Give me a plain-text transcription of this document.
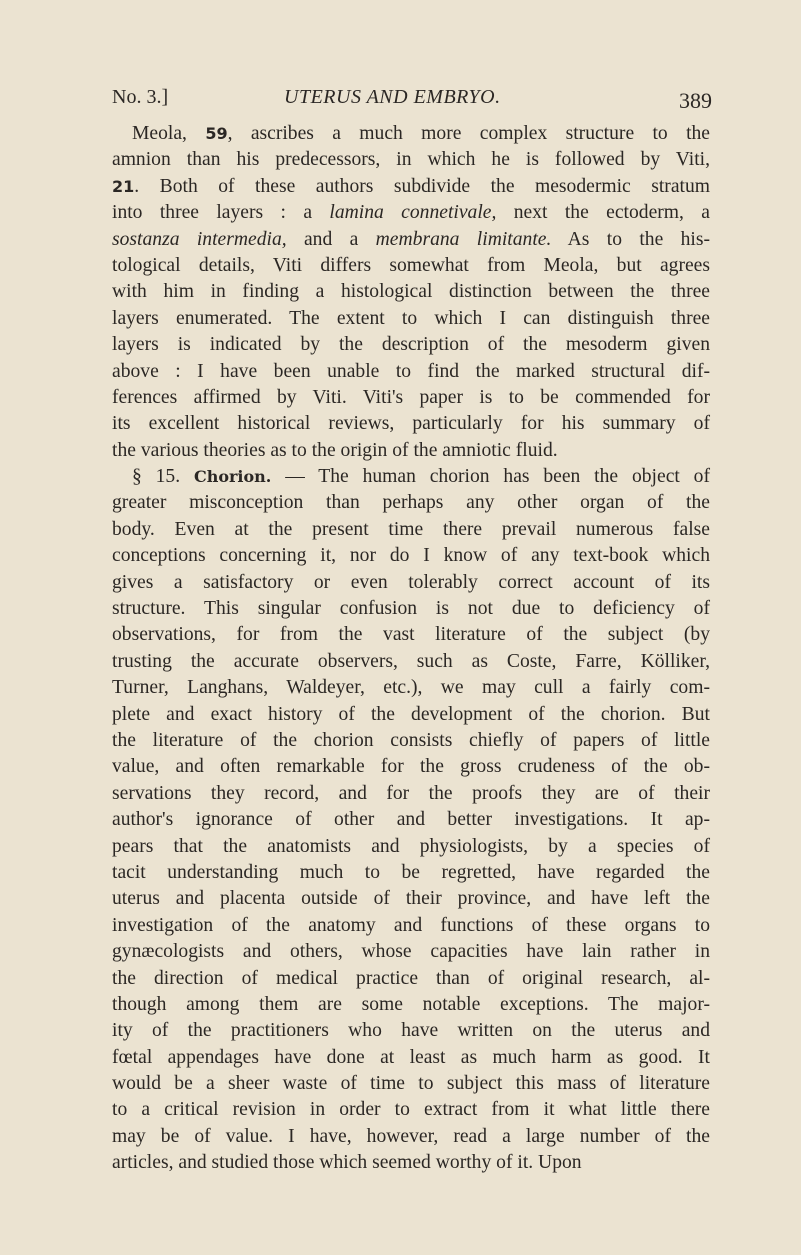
No. 3.]	UTERUS AND EMBRYO.	389
Meola, 59, ascribes a much more complex structure to the
amnion than his predecessors, in which he is followed by Viti,
21. Both of these authors subdivide the mesodermic stratum
into three layers : a lamina connetivale, next the ectoderm, a
sostanza intermedia, and a membrana limitante. As to the his-
tological details, Viti differs somewhat from Meola, but agrees
with him in finding a histological distinction between the three
layers enumerated. The extent to which I can distinguish three
layers is indicated by the description of the mesoderm given
above : I have been unable to find the marked structural dif-
ferences affirmed by Viti. Viti's paper is to be commended for
its excellent historical reviews, particularly for his summary of
the various theories as to the origin of the amniotic fluid.
§ 15. Chorion. — The human chorion has been the object of
greater misconception than perhaps any other organ of the
body. Even at the present time there prevail numerous false
conceptions concerning it, nor do I know of any text-book which
gives a satisfactory or even tolerably correct account of its
structure. This singular confusion is not due to deficiency of
observations, for from the vast literature of the subject (by
trusting the accurate observers, such as Coste, Farre, Kölliker,
Turner, Langhans, Waldeyer, etc.), we may cull a fairly com-
plete and exact history of the development of the chorion. But
the literature of the chorion consists chiefly of papers of little
value, and often remarkable for the gross crudeness of the ob-
servations they record, and for the proofs they are of their
author's ignorance of other and better investigations. It ap-
pears that the anatomists and physiologists, by a species of
tacit understanding much to be regretted, have regarded the
uterus and placenta outside of their province, and have left the
investigation of the anatomy and functions of these organs to
gynæcologists and others, whose capacities have lain rather in
the direction of medical practice than of original research, al-
though among them are some notable exceptions. The major-
ity of the practitioners who have written on the uterus and
fœtal appendages have done at least as much harm as good. It
would be a sheer waste of time to subject this mass of literature
to a critical revision in order to extract from it what little there
may be of value. I have, however, read a large number of the
articles, and studied those which seemed worthy of it. Upon
